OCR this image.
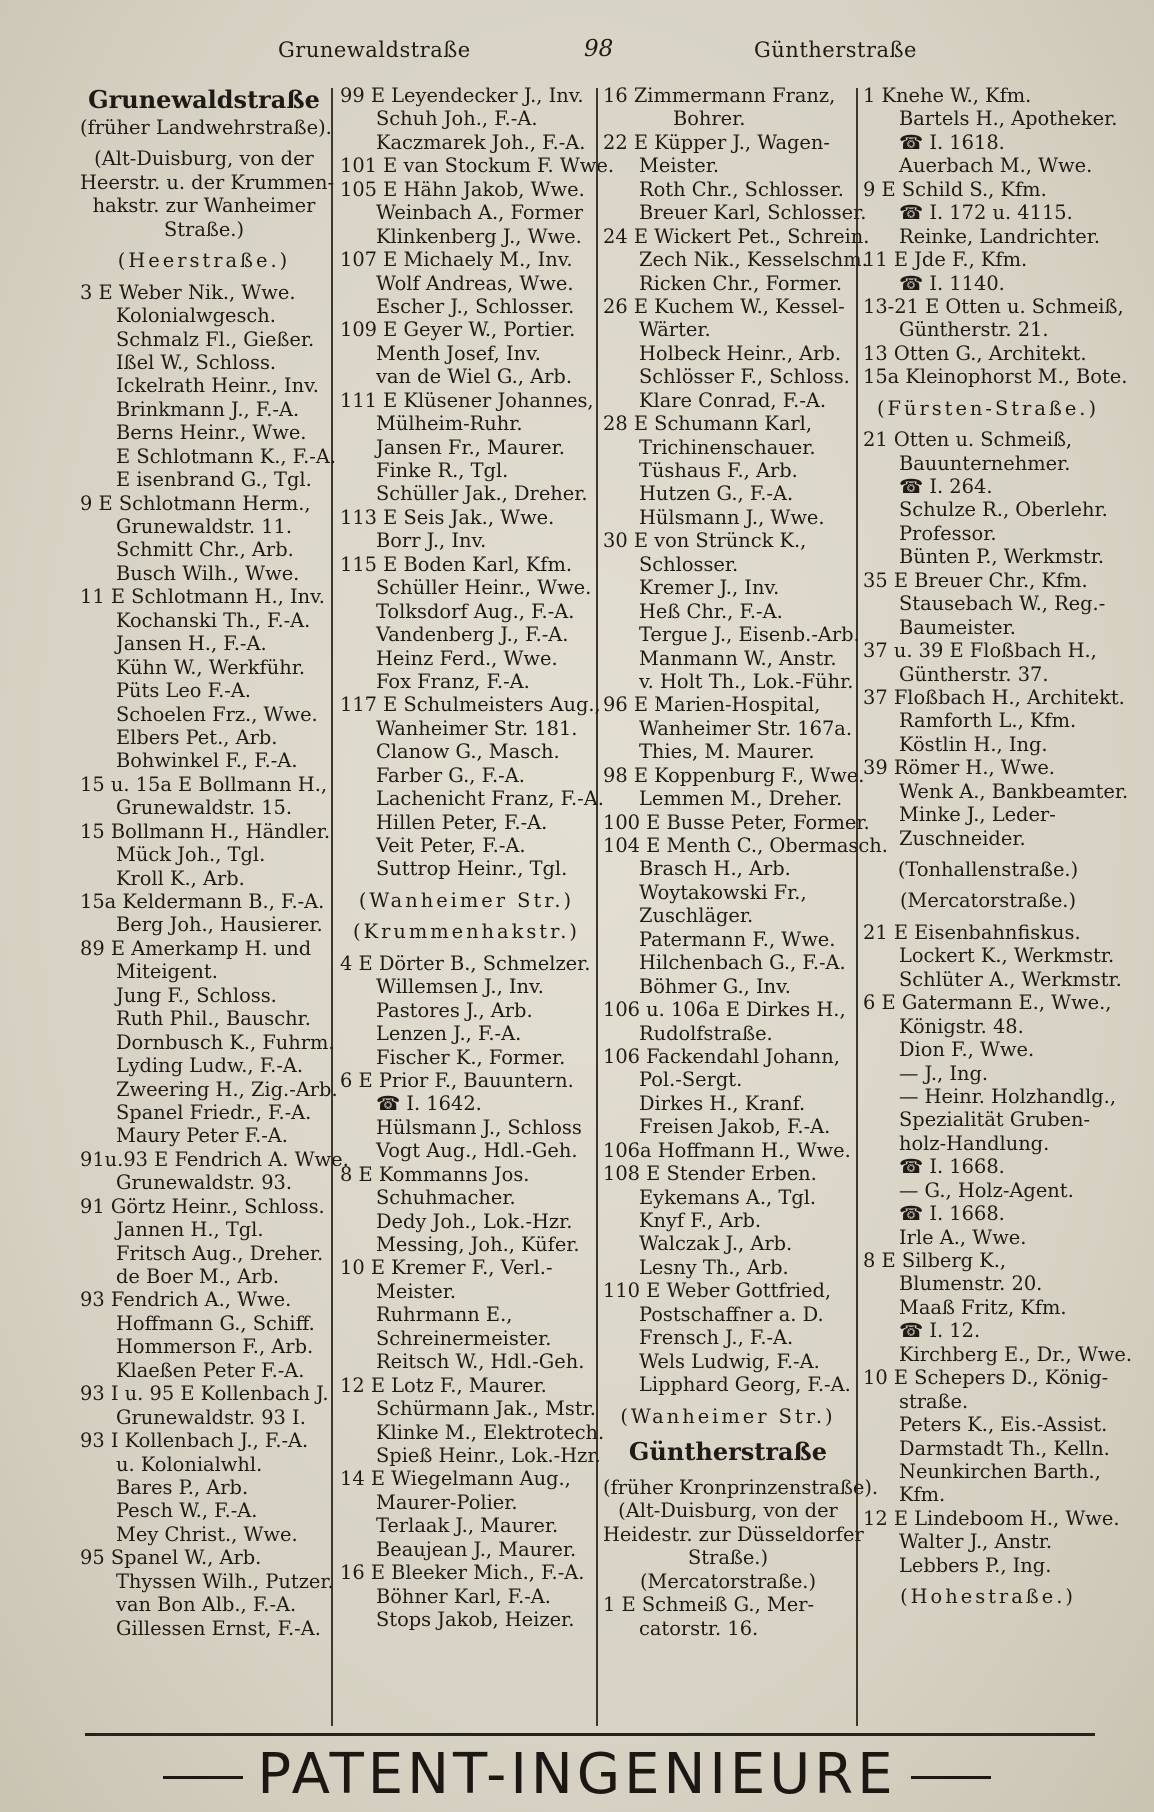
Grunewaldstraße	98	Güntherstraße
Grunewaldstraße
(früher Landwehrstraße).
(Alt-Duisburg, von der
Heerstr. u. der Krummen-
hakstr. zur Wanheimer
Straße.)
(Heerstraße.)
3 E Weber Nik., Wwe.
Kolonialwgesch.
Schmalz Fl., Gießer.
Ißel W., Schloss.
Ickelrath Heinr., Inv.
Brinkmann J., F.-A.
Berns Heinr., Wwe.
E Schlotmann K., F.-A.
E isenbrand G., Tgl.
9 E Schlotmann Herm.,
Grunewaldstr. 11.
Schmitt Chr., Arb.
Busch Wilh., Wwe.
11 E Schlotmann H., Inv.
Kochanski Th., F.-A.
Jansen H., F.-A.
Kühn W., Werkführ.
Püts Leo F.-A.
Schoelen Frz., Wwe.
Elbers Pet., Arb.
Bohwinkel F., F.-A.
15 u. 15a E Bollmann H.,
Grunewaldstr. 15.
15 Bollmann H., Händler.
Mück Joh., Tgl.
Kroll K., Arb.
15a Keldermann B., F.-A.
Berg Joh., Hausierer.
89 E Amerkamp H. und
Miteigent.
Jung F., Schloss.
Ruth Phil., Bauschr.
Dornbusch K., Fuhrm.
Lyding Ludw., F.-A.
Zweering H., Zig.-Arb.
Spanel Friedr., F.-A.
Maury Peter F.-A.
91u.93 E Fendrich A. Wwe.
Grunewaldstr. 93.
91 Görtz Heinr., Schloss.
Jannen H., Tgl.
Fritsch Aug., Dreher.
de Boer M., Arb.
93 Fendrich A., Wwe.
Hoffmann G., Schiff.
Hommerson F., Arb.
Klaeßen Peter F.-A.
93 I u. 95 E Kollenbach J.
Grunewaldstr. 93 I.
93 I Kollenbach J., F.-A.
u. Kolonialwhl.
Bares P., Arb.
Pesch W., F.-A.
Mey Christ., Wwe.
95 Spanel W., Arb.
Thyssen Wilh., Putzer.
van Bon Alb., F.-A.
Gillessen Ernst, F.-A.
99 E Leyendecker J., Inv.
Schuh Joh., F.-A.
Kaczmarek Joh., F.-A.
101 E van Stockum F. Wwe.
105 E Hähn Jakob, Wwe.
Weinbach A., Former
Klinkenberg J., Wwe.
107 E Michaely M., Inv.
Wolf Andreas, Wwe.
Escher J., Schlosser.
109 E Geyer W., Portier.
Menth Josef, Inv.
van de Wiel G., Arb.
111 E Klüsener Johannes,
Mülheim-Ruhr.
Jansen Fr., Maurer.
Finke R., Tgl.
Schüller Jak., Dreher.
113 E Seis Jak., Wwe.
Borr J., Inv.
115 E Boden Karl, Kfm.
Schüller Heinr., Wwe.
Tolksdorf Aug., F.-A.
Vandenberg J., F.-A.
Heinz Ferd., Wwe.
Fox Franz, F.-A.
117 E Schulmeisters Aug.,
Wanheimer Str. 181.
Clanow G., Masch.
Farber G., F.-A.
Lachenicht Franz, F.-A.
Hillen Peter, F.-A.
Veit Peter, F.-A.
Suttrop Heinr., Tgl.
(Wanheimer Str.)
(Krummenhakstr.)
4 E Dörter B., Schmelzer.
Willemsen J., Inv.
Pastores J., Arb.
Lenzen J., F.-A.
Fischer K., Former.
6 E Prior F., Bauuntern.
☎ I. 1642.
Hülsmann J., Schloss
Vogt Aug., Hdl.-Geh.
8 E Kommanns Jos.
Schuhmacher.
Dedy Joh., Lok.-Hzr.
Messing, Joh., Küfer.
10 E Kremer F., Verl.-
Meister.
Ruhrmann E.,
Schreinermeister.
Reitsch W., Hdl.-Geh.
12 E Lotz F., Maurer.
Schürmann Jak., Mstr.
Klinke M., Elektrotech.
Spieß Heinr., Lok.-Hzr.
14 E Wiegelmann Aug.,
Maurer-Polier.
Terlaak J., Maurer.
Beaujean J., Maurer.
16 E Bleeker Mich., F.-A.
Böhner Karl, F.-A.
Stops Jakob, Heizer.
16 Zimmermann Franz,
Bohrer.
22 E Küpper J., Wagen-
Meister.
Roth Chr., Schlosser.
Breuer Karl, Schlosser.
24 E Wickert Pet., Schrein.
Zech Nik., Kesselschm.
Ricken Chr., Former.
26 E Kuchem W., Kessel-
Wärter.
Holbeck Heinr., Arb.
Schlösser F., Schloss.
Klare Conrad, F.-A.
28 E Schumann Karl,
Trichinenschauer.
Tüshaus F., Arb.
Hutzen G., F.-A.
Hülsmann J., Wwe.
30 E von Strünck K.,
Schlosser.
Kremer J., Inv.
Heß Chr., F.-A.
Tergue J., Eisenb.-Arb.
Manmann W., Anstr.
v. Holt Th., Lok.-Führ.
96 E Marien-Hospital,
Wanheimer Str. 167a.
Thies, M. Maurer.
98 E Koppenburg F., Wwe.
Lemmen M., Dreher.
100 E Busse Peter, Former.
104 E Menth C., Obermasch.
Brasch H., Arb.
Woytakowski Fr.,
Zuschläger.
Patermann F., Wwe.
Hilchenbach G., F.-A.
Böhmer G., Inv.
106 u. 106a E Dirkes H.,
Rudolfstraße.
106 Fackendahl Johann,
Pol.-Sergt.
Dirkes H., Kranf.
Freisen Jakob, F.-A.
106a Hoffmann H., Wwe.
108 E Stender Erben.
Eykemans A., Tgl.
Knyf F., Arb.
Walczak J., Arb.
Lesny Th., Arb.
110 E Weber Gottfried,
Postschaffner a. D.
Frensch J., F.-A.
Wels Ludwig, F.-A.
Lipphard Georg, F.-A.
(Wanheimer Str.)
Güntherstraße
(früher Kronprinzenstraße).
(Alt-Duisburg, von der
Heidestr. zur Düsseldorfer
Straße.)
(Mercatorstraße.)
1 E Schmeiß G., Mer-
catorstr. 16.
1 Knehe W., Kfm.
Bartels H., Apotheker.
☎ I. 1618.
Auerbach M., Wwe.
9 E Schild S., Kfm.
☎ I. 172 u. 4115.
Reinke, Landrichter.
11 E Jde F., Kfm.
☎ I. 1140.
13-21 E Otten u. Schmeiß,
Güntherstr. 21.
13 Otten G., Architekt.
15a Kleinophorst M., Bote.
(Fürsten-Straße.)
21 Otten u. Schmeiß,
Bauunternehmer.
☎ I. 264.
Schulze R., Oberlehr.
Professor.
Bünten P., Werkmstr.
35 E Breuer Chr., Kfm.
Stausebach W., Reg.-
Baumeister.
37 u. 39 E Floßbach H.,
Güntherstr. 37.
37 Floßbach H., Architekt.
Ramforth L., Kfm.
Köstlin H., Ing.
39 Römer H., Wwe.
Wenk A., Bankbeamter.
Minke J., Leder-
Zuschneider.
(Tonhallenstraße.)
(Mercatorstraße.)
21 E Eisenbahnfiskus.
Lockert K., Werkmstr.
Schlüter A., Werkmstr.
6 E Gatermann E., Wwe.,
Königstr. 48.
Dion F., Wwe.
— J., Ing.
— Heinr. Holzhandlg.,
Spezialität Gruben-
holz-Handlung.
☎ I. 1668.
— G., Holz-Agent.
☎ I. 1668.
Irle A., Wwe.
8 E Silberg K.,
Blumenstr. 20.
Maaß Fritz, Kfm.
☎ I. 12.
Kirchberg E., Dr., Wwe.
10 E Schepers D., König-
straße.
Peters K., Eis.-Assist.
Darmstadt Th., Kelln.
Neunkirchen Barth.,
Kfm.
12 E Lindeboom H., Wwe.
Walter J., Anstr.
Lebbers P., Ing.
(Hohestraße.)
PATENT-INGENIEURE
